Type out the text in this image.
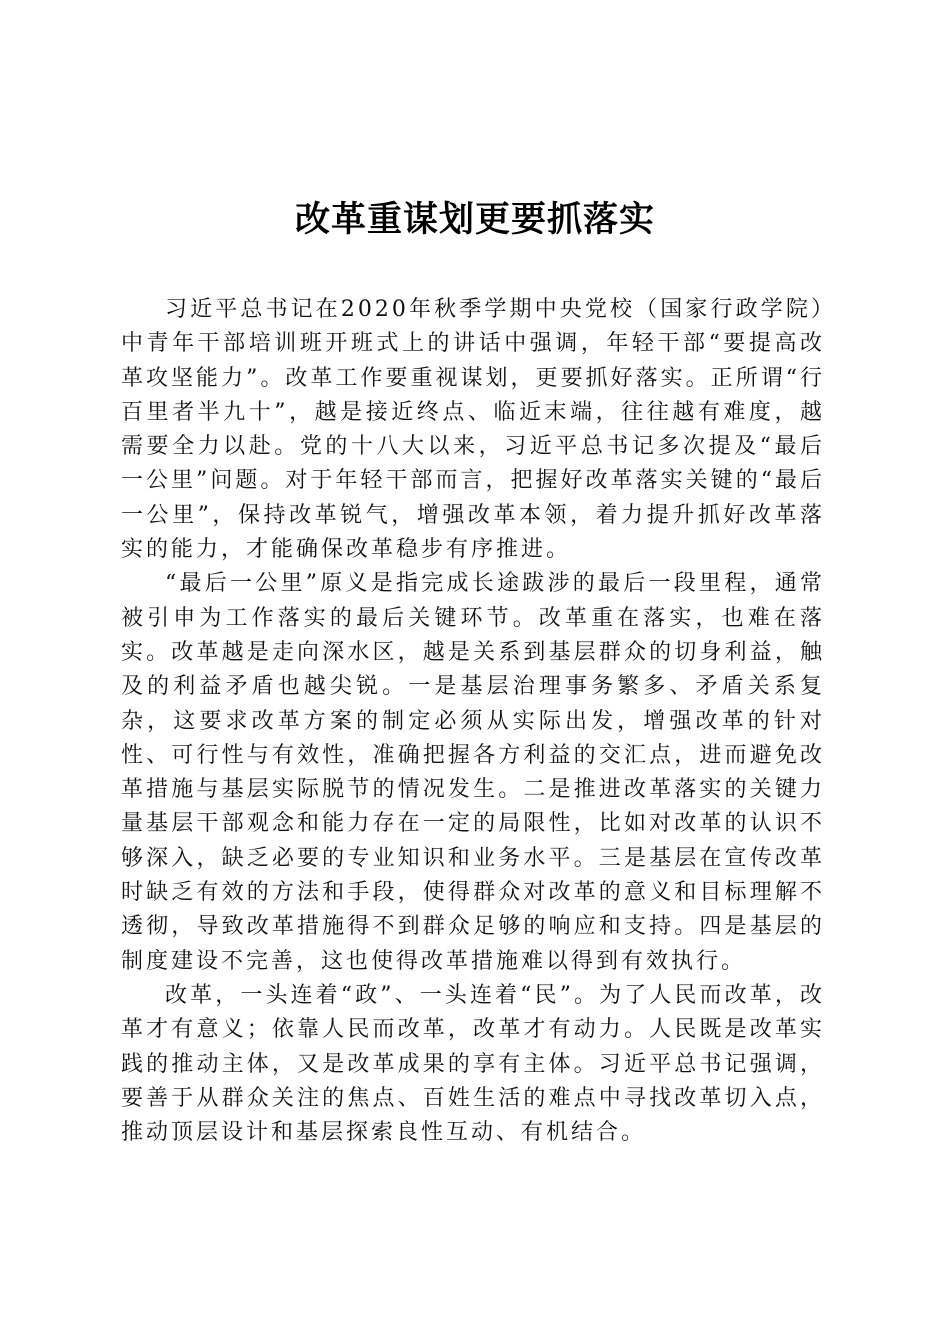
改革重谋划更要抓落实

习近平总书记在2020年秋季学期中央党校（国家行政学院）中青年干部培训班开班式上的讲话中强调，年轻干部“要提高改革攻坚能力”。改革工作要重视谋划，更要抓好落实。正所谓“行百里者半九十”，越是接近终点、临近末端，往往越有难度，越需要全力以赴。党的十八大以来，习近平总书记多次提及“最后一公里”问题。对于年轻干部而言，把握好改革落实关键的“最后一公里”，保持改革锐气，增强改革本领，着力提升抓好改革落实的能力，才能确保改革稳步有序推进。

“最后一公里”原义是指完成长途跋涉的最后一段里程，通常被引申为工作落实的最后关键环节。改革重在落实，也难在落实。改革越是走向深水区，越是关系到基层群众的切身利益，触及的利益矛盾也越尖锐。一是基层治理事务繁多、矛盾关系复杂，这要求改革方案的制定必须从实际出发，增强改革的针对性、可行性与有效性，准确把握各方利益的交汇点，进而避免改革措施与基层实际脱节的情况发生。二是推进改革落实的关键力量基层干部观念和能力存在一定的局限性，比如对改革的认识不够深入，缺乏必要的专业知识和业务水平。三是基层在宣传改革时缺乏有效的方法和手段，使得群众对改革的意义和目标理解不透彻，导致改革措施得不到群众足够的响应和支持。四是基层的制度建设不完善，这也使得改革措施难以得到有效执行。

改革，一头连着“政”、一头连着“民”。为了人民而改革，改革才有意义；依靠人民而改革，改革才有动力。人民既是改革实践的推动主体，又是改革成果的享有主体。习近平总书记强调，要善于从群众关注的焦点、百姓生活的难点中寻找改革切入点，推动顶层设计和基层探索良性互动、有机结合。
